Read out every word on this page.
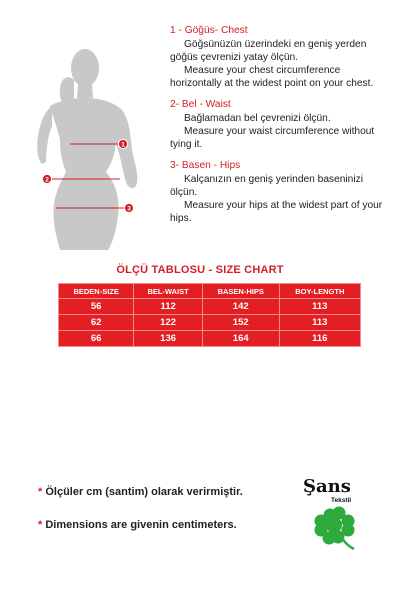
1
2
3
1 - Göğüs- Chest
Göğsünüzün üzerindeki en geniş yerden göğüs çevrenizi yatay ölçün.
Measure your chest circumference horizontally at the widest point on your chest.
2- Bel - Waist
Bağlamadan bel çevrenizi ölçün.
Measure your waist circumference without tying it.
3- Basen - Hips
Kalçanızın en geniş yerinden baseninizi ölçün.
Measure your hips at the widest part of your hips.
ÖLÇÜ TABLOSU - SIZE CHART
BEDEN-SIZE	BEL-WAIST	BASEN-HIPS	BOY-LENGTH
56	112	142	113
62	122	152	113
66	136	164	116
* Ölçüler cm (santim) olarak verirmiştir.
* Dimensions are givenin centimeters.
Şans
Tekstil
